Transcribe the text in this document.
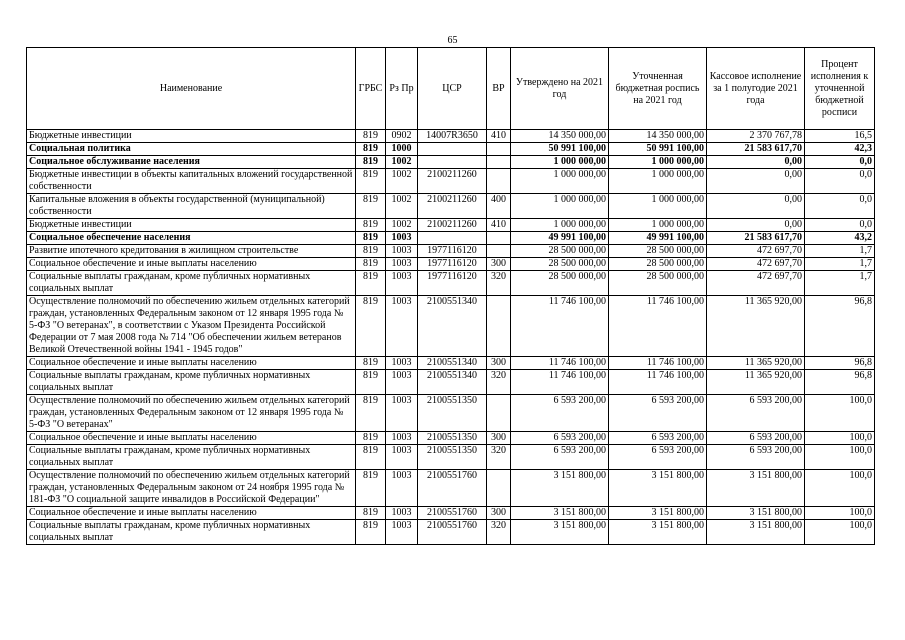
65
Наименование	ГРБС	Рз Пр	ЦСР	ВР	Утверждено на 2021 год	Уточненная бюджетная роспись на 2021 год	Кассовое исполнение за 1 полугодие 2021 года	Процент исполнения к уточненной бюджетной росписи
Бюджетные инвестиции	819	0902	14007R3650	410	14 350 000,00	14 350 000,00	2 370 767,78	16,5
Социальная политика	819	1000			50 991 100,00	50 991 100,00	21 583 617,70	42,3
Социальное обслуживание населения	819	1002			1 000 000,00	1 000 000,00	0,00	0,0
Бюджетные инвестиции в объекты капитальных вложений государственной собственности	819	1002	2100211260		1 000 000,00	1 000 000,00	0,00	0,0
Капитальные вложения в объекты государственной (муниципальной) собственности	819	1002	2100211260	400	1 000 000,00	1 000 000,00	0,00	0,0
Бюджетные инвестиции	819	1002	2100211260	410	1 000 000,00	1 000 000,00	0,00	0,0
Социальное обеспечение населения	819	1003			49 991 100,00	49 991 100,00	21 583 617,70	43,2
Развитие ипотечного кредитования в жилищном строительстве	819	1003	1977116120		28 500 000,00	28 500 000,00	472 697,70	1,7
Социальное обеспечение и иные выплаты населению	819	1003	1977116120	300	28 500 000,00	28 500 000,00	472 697,70	1,7
Социальные выплаты гражданам, кроме публичных нормативных социальных выплат	819	1003	1977116120	320	28 500 000,00	28 500 000,00	472 697,70	1,7
Осуществление полномочий по обеспечению жильем отдельных категорий граждан, установленных Федеральным законом от 12 января 1995 года № 5-ФЗ "О ветеранах", в соответствии с Указом Президента Российской Федерации от 7 мая 2008 года № 714 "Об обеспечении жильем ветеранов Великой Отечественной войны 1941 - 1945 годов"	819	1003	2100551340		11 746 100,00	11 746 100,00	11 365 920,00	96,8
Социальное обеспечение и иные выплаты населению	819	1003	2100551340	300	11 746 100,00	11 746 100,00	11 365 920,00	96,8
Социальные выплаты гражданам, кроме публичных нормативных социальных выплат	819	1003	2100551340	320	11 746 100,00	11 746 100,00	11 365 920,00	96,8
Осуществление полномочий по обеспечению жильем отдельных категорий граждан, установленных Федеральным законом от 12 января 1995 года № 5-ФЗ "О ветеранах"	819	1003	2100551350		6 593 200,00	6 593 200,00	6 593 200,00	100,0
Социальное обеспечение и иные выплаты населению	819	1003	2100551350	300	6 593 200,00	6 593 200,00	6 593 200,00	100,0
Социальные выплаты гражданам, кроме публичных нормативных социальных выплат	819	1003	2100551350	320	6 593 200,00	6 593 200,00	6 593 200,00	100,0
Осуществление полномочий по обеспечению жильем отдельных категорий граждан, установленных Федеральным законом от 24 ноября 1995 года № 181-ФЗ "О социальной защите инвалидов в Российской Федерации"	819	1003	2100551760		3 151 800,00	3 151 800,00	3 151 800,00	100,0
Социальное обеспечение и иные выплаты населению	819	1003	2100551760	300	3 151 800,00	3 151 800,00	3 151 800,00	100,0
Социальные выплаты гражданам, кроме публичных нормативных социальных выплат	819	1003	2100551760	320	3 151 800,00	3 151 800,00	3 151 800,00	100,0
